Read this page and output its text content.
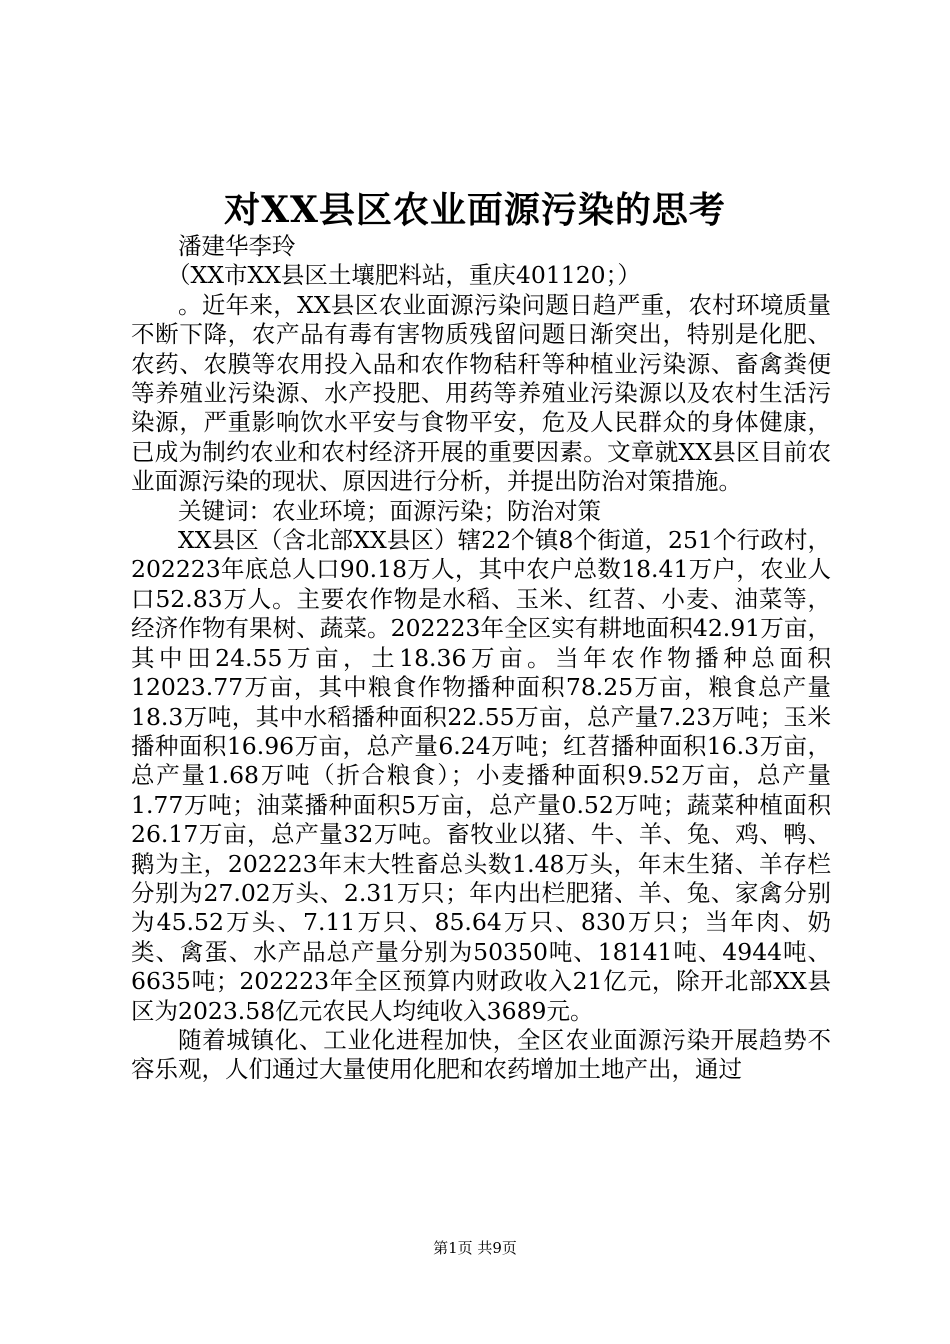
对XX县区农业面源污染的思考

潘建华李玲

（XX市XX县区土壤肥料站，重庆401120；）

。近年来，XX县区农业面源污染问题日趋严重，农村环境质量不断下降，农产品有毒有害物质残留问题日渐突出，特别是化肥、农药、农膜等农用投入品和农作物秸秆等种植业污染源、畜禽粪便等养殖业污染源、水产投肥、用药等养殖业污染源以及农村生活污染源，严重影响饮水平安与食物平安，危及人民群众的身体健康，已成为制约农业和农村经济开展的重要因素。文章就XX县区目前农业面源污染的现状、原因进行分析，并提出防治对策措施。

关键词：农业环境；面源污染；防治对策

XX县区（含北部XX县区）辖22个镇8个街道，251个行政村，202223年底总人口90.18万人，其中农户总数18.41万户，农业人口52.83万人。主要农作物是水稻、玉米、红苕、小麦、油菜等，经济作物有果树、蔬菜。202223年全区实有耕地面积42.91万亩，其中田24.55万亩，土18.36万亩。当年农作物播种总面积12023.77万亩，其中粮食作物播种面积78.25万亩，粮食总产量18.3万吨，其中水稻播种面积22.55万亩，总产量7.23万吨；玉米播种面积16.96万亩，总产量6.24万吨；红苕播种面积16.3万亩，总产量1.68万吨（折合粮食）；小麦播种面积9.52万亩，总产量1.77万吨；油菜播种面积5万亩，总产量0.52万吨；蔬菜种植面积26.17万亩，总产量32万吨。畜牧业以猪、牛、羊、兔、鸡、鸭、鹅为主，202223年末大牲畜总头数1.48万头，年末生猪、羊存栏分别为27.02万头、2.31万只；年内出栏肥猪、羊、兔、家禽分别为45.52万头、7.11万只、85.64万只、830万只；当年肉、奶类、禽蛋、水产品总产量分别为50350吨、18141吨、4944吨、6635吨；202223年全区预算内财政收入21亿元，除开北部XX县区为2023.58亿元农民人均纯收入3689元。

随着城镇化、工业化进程加快，全区农业面源污染开展趋势不容乐观，人们通过大量使用化肥和农药增加土地产出，通过

第1页 共9页
